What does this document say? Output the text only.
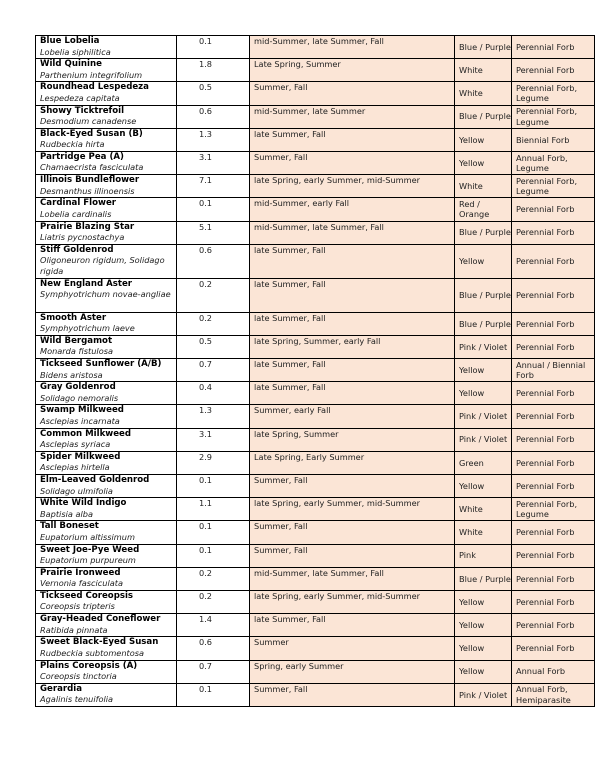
Blue Lobelia
Lobelia siphilitica	0.1	mid-Summer, late Summer, Fall	Blue / Purple	Perennial Forb

Wild Quinine
Parthenium integrifolium	1.8	Late Spring, Summer	White	Perennial Forb

Roundhead Lespedeza
Lespedeza capitata	0.5	Summer, Fall	White	Perennial Forb, Legume

Showy Ticktrefoil
Desmodium canadense	0.6	mid-Summer, late Summer	Blue / Purple	Perennial Forb, Legume

Black-Eyed Susan (B)
Rudbeckia hirta	1.3	late Summer, Fall	Yellow	Biennial Forb

Partridge Pea (A)
Chamaecrista fasciculata	3.1	Summer, Fall	Yellow	Annual Forb, Legume

Illinois Bundleflower
Desmanthus illinoensis	7.1	late Spring, early Summer, mid-Summer	White	Perennial Forb, Legume

Cardinal Flower
Lobelia cardinalis	0.1	mid-Summer, early Fall	Red / Orange	Perennial Forb

Prairie Blazing Star
Liatris pycnostachya	5.1	mid-Summer, late Summer, Fall	Blue / Purple	Perennial Forb

Stiff Goldenrod
Oligoneuron rigidum, Solidago rigida	0.6	late Summer, Fall	Yellow	Perennial Forb

New England Aster
Symphyotrichum novae-angliae	0.2	late Summer, Fall	Blue / Purple	Perennial Forb

Smooth Aster
Symphyotrichum laeve	0.2	late Summer, Fall	Blue / Purple	Perennial Forb

Wild Bergamot
Monarda fistulosa	0.5	late Spring, Summer, early Fall	Pink / Violet	Perennial Forb

Tickseed Sunflower (A/B)
Bidens aristosa	0.7	late Summer, Fall	Yellow	Annual / Biennial Forb

Gray Goldenrod
Solidago nemoralis	0.4	late Summer, Fall	Yellow	Perennial Forb

Swamp Milkweed
Asclepias incarnata	1.3	Summer, early Fall	Pink / Violet	Perennial Forb

Common Milkweed
Asclepias syriaca	3.1	late Spring, Summer	Pink / Violet	Perennial Forb

Spider Milkweed
Asclepias hirtella	2.9	Late Spring, Early Summer	Green	Perennial Forb

Elm-Leaved Goldenrod
Solidago ulmifolia	0.1	Summer, Fall	Yellow	Perennial Forb

White Wild Indigo
Baptisia alba	1.1	late Spring, early Summer, mid-Summer	White	Perennial Forb, Legume

Tall Boneset
Eupatorium altissimum	0.1	Summer, Fall	White	Perennial Forb

Sweet Joe-Pye Weed
Eupatorium purpureum	0.1	Summer, Fall	Pink	Perennial Forb

Prairie Ironweed
Vernonia fasciculata	0.2	mid-Summer, late Summer, Fall	Blue / Purple	Perennial Forb

Tickseed Coreopsis
Coreopsis tripteris	0.2	late Spring, early Summer, mid-Summer	Yellow	Perennial Forb

Gray-Headed Coneflower
Ratibida pinnata	1.4	late Summer, Fall	Yellow	Perennial Forb

Sweet Black-Eyed Susan
Rudbeckia subtomentosa	0.6	Summer	Yellow	Perennial Forb

Plains Coreopsis (A)
Coreopsis tinctoria	0.7	Spring, early Summer	Yellow	Annual Forb

Gerardia
Agalinis tenuifolia	0.1	Summer, Fall	Pink / Violet	Annual Forb, Hemiparasite
